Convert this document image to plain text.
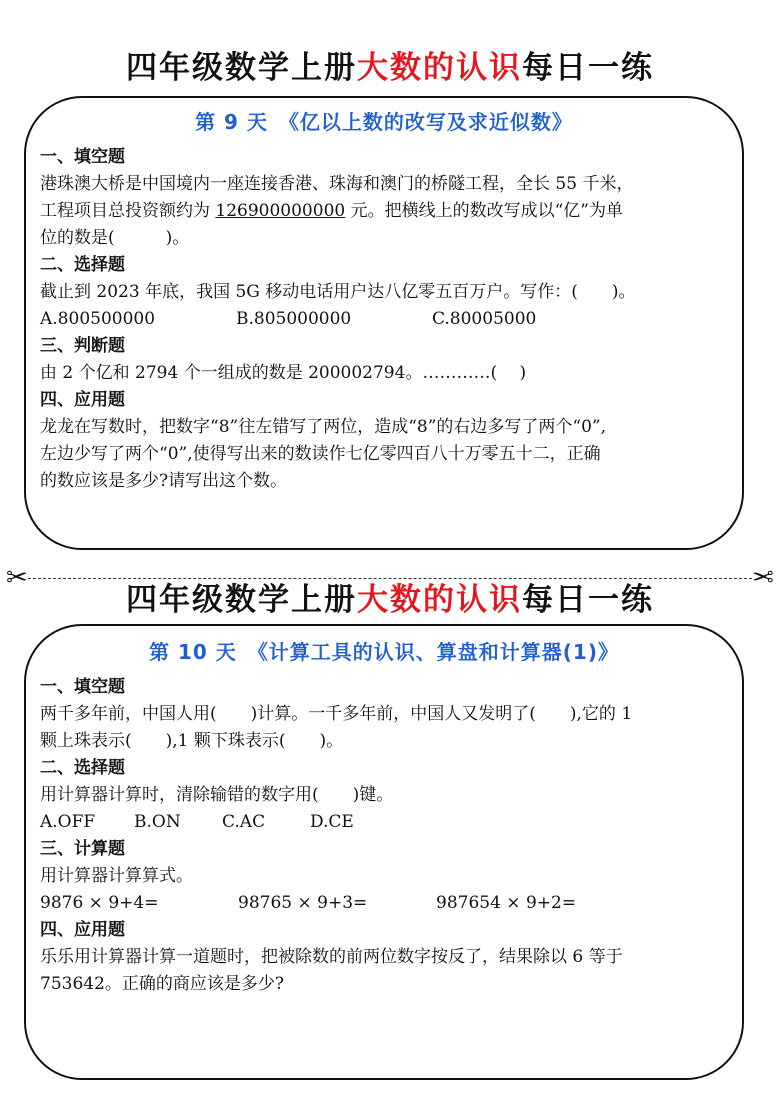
四年级数学上册大数的认识每日一练
第 9 天　《亿以上数的改写及求近似数》
一、填空题
港珠澳大桥是中国境内一座连接香港、珠海和澳门的桥隧工程，全长 55 千米，
工程项目总投资额约为 126900000000 元。把横线上的数改写成以“亿”为单
位的数是(　　　)。
二、选择题
截止到 2023 年底，我国 5G 移动电话用户达八亿零五百万户。写作：(　　)。
A.800500000	B.805000000	C.80005000
三、判断题
由 2 个亿和 2794 个一组成的数是 200002794。…………(　 )
四、应用题
龙龙在写数时，把数字“8”往左错写了两位，造成“8”的右边多写了两个“0”,
左边少写了两个“0”,使得写出来的数读作七亿零四百八十万零五十二，正确
的数应该是多少?请写出这个数。
✂	✂
四年级数学上册大数的认识每日一练
第 10 天　《计算工具的认识、算盘和计算器(1)》
一、填空题
两千多年前，中国人用(　　)计算。一千多年前，中国人又发明了(　　),它的 1
颗上珠表示(　　),1 颗下珠表示(　　)。
二、选择题
用计算器计算时，清除输错的数字用(　　)键。
A.OFF B.ON C.AC	D.CE
三、计算题
用计算器计算算式。
9876 × 9+4=	98765 × 9+3=	987654 × 9+2=
四、应用题
乐乐用计算器计算一道题时，把被除数的前两位数字按反了，结果除以 6 等于
753642。正确的商应该是多少?
